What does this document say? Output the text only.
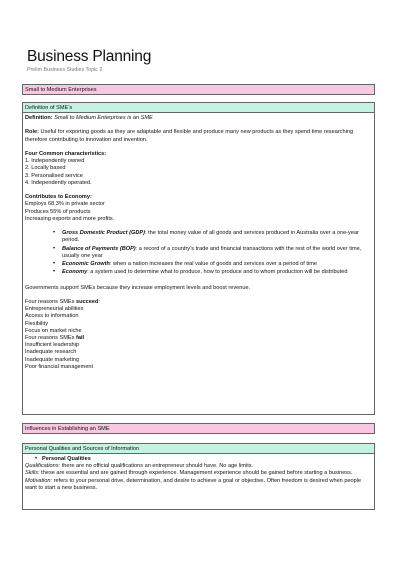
Business Planning
Prelim Business Studies Topic 2
Small to Medium Enterprises
Definition of SME’s

Definition: Small to Medium Enterprises is an SME

Role: Useful for exporting goods as they are adaptable and flexible and produce many new products as they spend time researching therefore contributing to innovation and invention.

Four Common characteristics:

1. Independently owned

2. Locally based

3. Personalised service

4. Independently operated.

Contributes to Economy:

Employs 68.3% in private sector

Produces 55% of products

Increasing exports and more profits.

• Gross Domestic Product (GDP): the total money value of all goods and services produced in Australia over a one-year period.
• Balance of Payments (BOP): a record of a country’s trade and financial transactions with the rest of the world over time, usually one year
• Economic Growth: when a nation increases the real value of goods and services over a period of time
• Economy: a system used to determine what to produce, how to produce and to whom production will be distributed

Governments support SMEs because they increase employment levels and boost revenue.

Four reasons SMEs succeed:

Entrepreneurial abilities

Access to information

Flexibility

Focus on market niche

Four reasons SMEs fail

Insufficient leadership

Inadequate research

Inadequate marketing

Poor financial management

Influences in Establishing an SME
Personal Qualities and Sources of Information
• Personal Qualities

Qualifications: there are no official qualifications an entrepreneur should have. No age limits.

Skills: these are essential and are gained through experience. Management experience should be gained before starting a business.

Motivation: refers to your personal drive, determination, and desire to achieve a goal or objective. Often freedom is desired when people want to start a new business.
